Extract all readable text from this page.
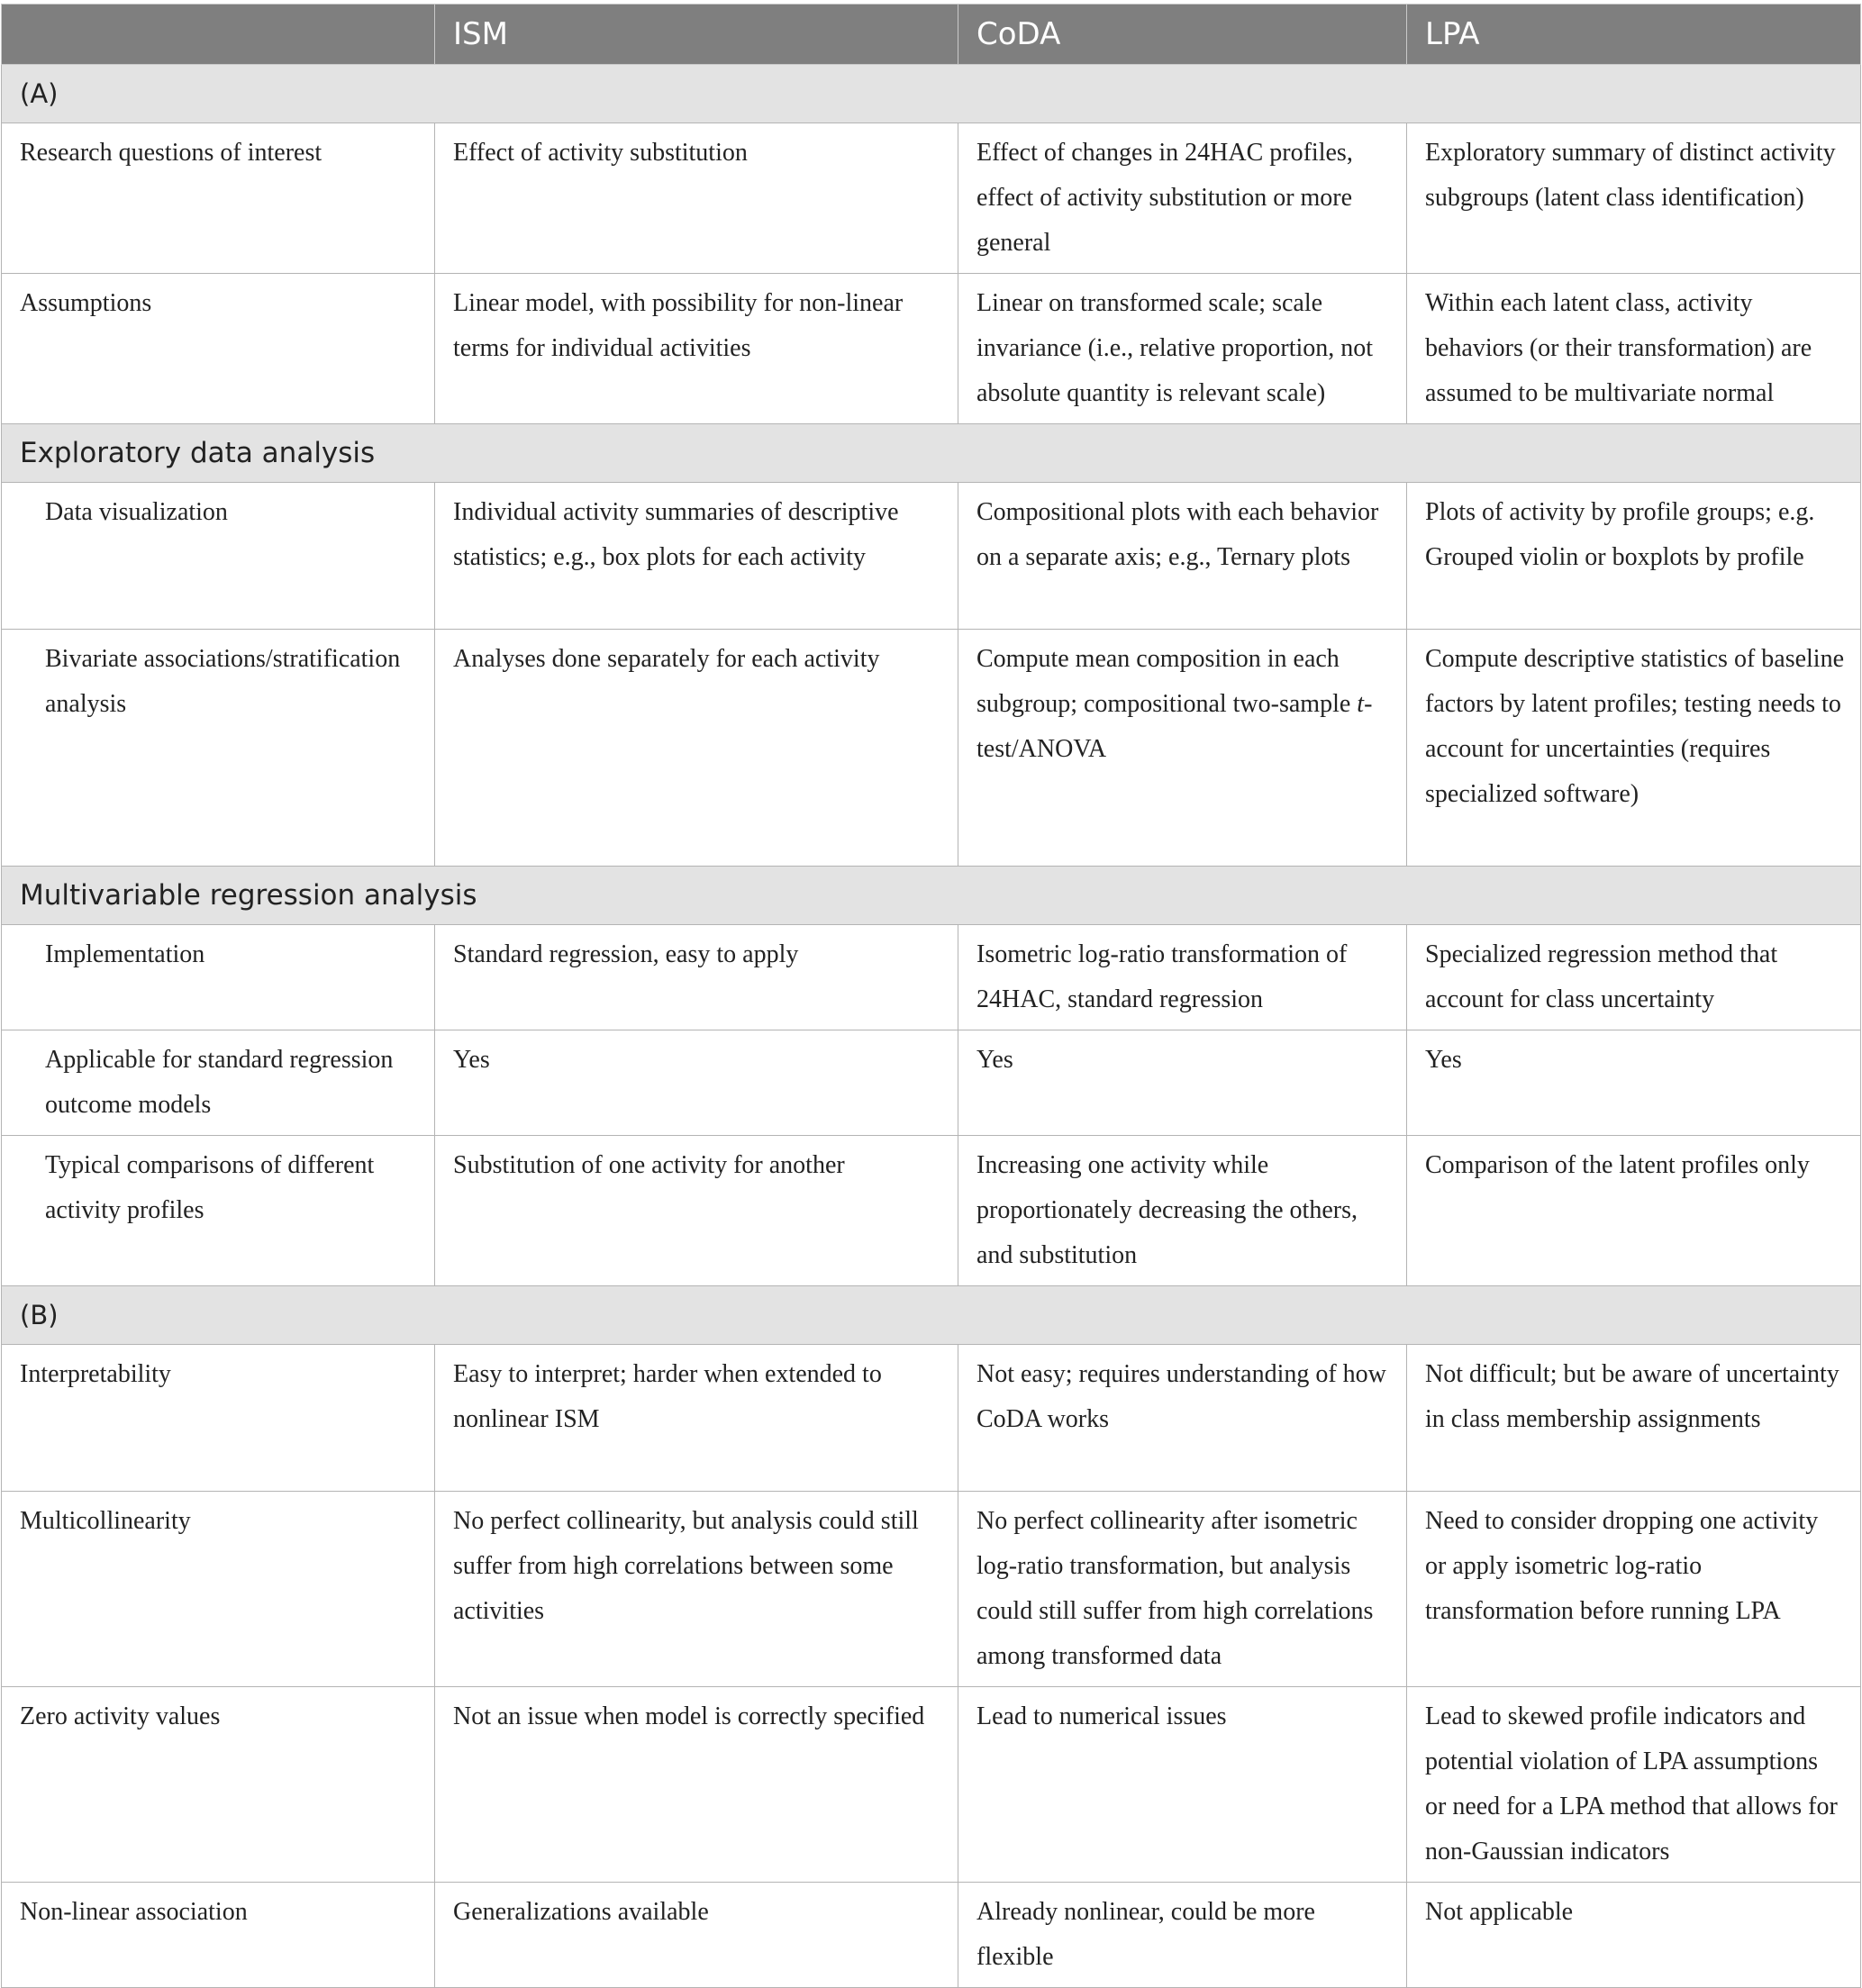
	ISM	CoDA	LPA
(A)			
Research questions of interest	Effect of activity substitution	Effect of changes in 24HAC profiles, effect of activity substitution or more general	Exploratory summary of distinct activity subgroups (latent class identification)
Assumptions	Linear model, with possibility for non-linear terms for individual activities	Linear on transformed scale; scale invariance (i.e., relative proportion, not absolute quantity is relevant scale)	Within each latent class, activity behaviors (or their transformation) are assumed to be multivariate normal
Exploratory data analysis			
Data visualization	Individual activity summaries of descriptive statistics; e.g., box plots for each activity	Compositional plots with each behavior on a separate axis; e.g., Ternary plots	Plots of activity by profile groups; e.g. Grouped violin or boxplots by profile
Bivariate associations/stratification analysis	Analyses done separately for each activity	Compute mean composition in each subgroup; compositional two-sample t-test/ANOVA	Compute descriptive statistics of baseline factors by latent profiles; testing needs to account for uncertainties (requires specialized software)
Multivariable regression analysis			
Implementation	Standard regression, easy to apply	Isometric log-ratio transformation of 24HAC, standard regression	Specialized regression method that account for class uncertainty
Applicable for standard regression outcome models	Yes	Yes	Yes
Typical comparisons of different activity profiles	Substitution of one activity for another	Increasing one activity while proportionately decreasing the others, and substitution	Comparison of the latent profiles only
(B)			
Interpretability	Easy to interpret; harder when extended to nonlinear ISM	Not easy; requires understanding of how CoDA works	Not difficult; but be aware of uncertainty in class membership assignments
Multicollinearity	No perfect collinearity, but analysis could still suffer from high correlations between some activities	No perfect collinearity after isometric log-ratio transformation, but analysis could still suffer from high correlations among transformed data	Need to consider dropping one activity or apply isometric log-ratio transformation before running LPA
Zero activity values	Not an issue when model is correctly specified	Lead to numerical issues	Lead to skewed profile indicators and potential violation of LPA assumptions or need for a LPA method that allows for non-Gaussian indicators
Non-linear association	Generalizations available	Already nonlinear, could be more flexible	Not applicable
